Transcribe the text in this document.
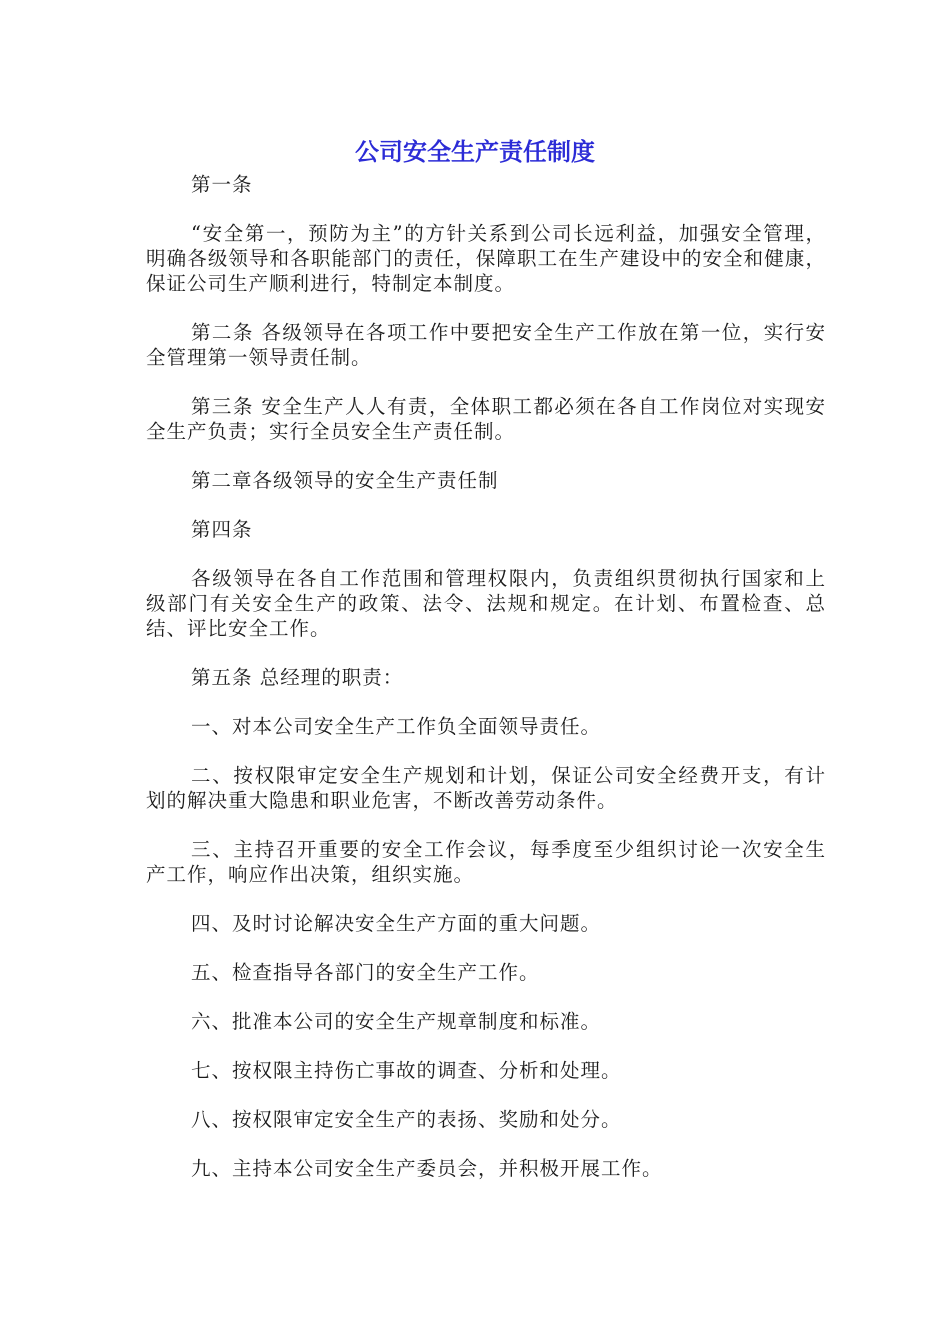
公司安全生产责任制度

第一条

“安全第一，预防为主”的方针关系到公司长远利益，加强安全管理，明确各级领导和各职能部门的责任，保障职工在生产建设中的安全和健康，保证公司生产顺利进行，特制定本制度。

第二条 各级领导在各项工作中要把安全生产工作放在第一位，实行安全管理第一领导责任制。

第三条 安全生产人人有责，全体职工都必须在各自工作岗位对实现安全生产负责；实行全员安全生产责任制。

第二章各级领导的安全生产责任制

第四条

各级领导在各自工作范围和管理权限内，负责组织贯彻执行国家和上级部门有关安全生产的政策、法令、法规和规定。在计划、布置检查、总结、评比安全工作。

第五条 总经理的职责：

一、对本公司安全生产工作负全面领导责任。

二、按权限审定安全生产规划和计划，保证公司安全经费开支，有计划的解决重大隐患和职业危害，不断改善劳动条件。

三、主持召开重要的安全工作会议，每季度至少组织讨论一次安全生产工作，响应作出决策，组织实施。

四、及时讨论解决安全生产方面的重大问题。

五、检查指导各部门的安全生产工作。

六、批准本公司的安全生产规章制度和标准。

七、按权限主持伤亡事故的调查、分析和处理。

八、按权限审定安全生产的表扬、奖励和处分。

九、主持本公司安全生产委员会，并积极开展工作。
